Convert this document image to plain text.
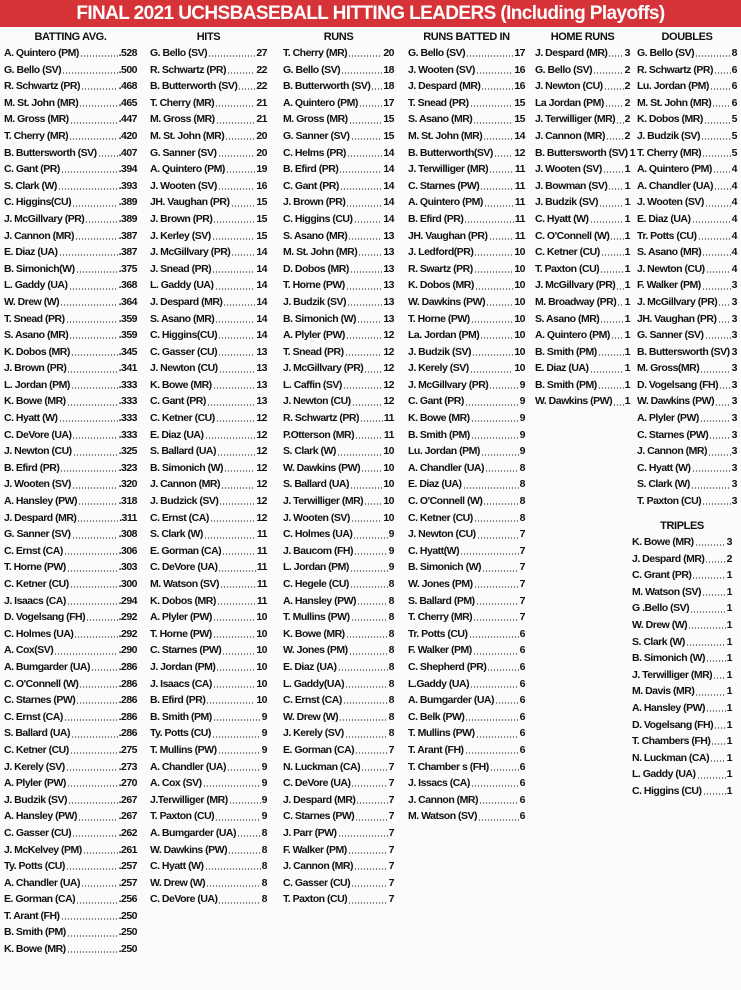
FINAL 2021 UCHSBASEBALL HITTING LEADERS (Including Playoffs)
BATTING AVG.
A. Quintero (PM)	.528
G. Bello (SV)	.500
R. Schwartz (PR)	.468
M. St. John (MR)	.465
M. Gross (MR)	.447
T. Cherry (MR)	.420
B. Buttersworth (SV) .407
C. Gant (PR)	.394
S. Clark (W)	.393
C. Higgins(CU)	.389
J. McGillvary (PR)	.389
J. Cannon (MR)	.387
E. Diaz (UA)	.387
B. Simonich(W)	.375
L. Gaddy (UA)	.368
W. Drew (W)	.364
T. Snead (PR)	.359
S. Asano (MR)	.359
K. Dobos (MR)	.345
J. Brown (PR)	.341
L. Jordan (PM)	.333
K. Bowe (MR)	.333
C. Hyatt (W)	.333
C. DeVore (UA)	.333
J. Newton (CU)	.325
B. Efird (PR)	.323
J. Wooten (SV)	.320
A. Hansley (PW)	.318
J. Despard (MR)	.311
G. Sanner (SV)	.308
C. Ernst (CA)	.306
T. Horne (PW)	.303
C. Ketner (CU)	.300
J. Isaacs (CA)	.294
D. Vogelsang (FH)	.292
C. Holmes (UA)	.292
A. Cox(SV)	.290
A. Bumgarder (UA)	.286
C. O'Connell (W)	.286
C. Starnes (PW)	.286
C. Ernst (CA)	.286
S. Ballard (UA)	.286
C. Ketner (CU)	.275
J. Kerely (SV)	.273
A. Plyler (PW)	.270
J. Budzik (SV)	.267
A. Hansley (PW)	.267
C. Gasser (CU)	.262
J. McKelvey (PM)	.261
Ty. Potts (CU)	.257
A. Chandler (UA)	.257
E. Gorman (CA)	.256
T. Arant (FH)	.250
B. Smith (PM)	.250
K. Bowe (MR)	.250
HITS
G. Bello (SV)	27
R. Schwartz (PR)	22
B. Butterworth (SV) 22
T. Cherry (MR)	21
M. Gross (MR)	21
M. St. John (MR)	20
G. Sanner (SV)	20
A. Quintero (PM)	19
J. Wooten (SV)	16
JH. Vaughan (PR)	15
J. Brown (PR)	15
J. Kerley (SV)	15
J. McGillvary (PR) 14
J. Snead (PR)	14
L. Gaddy (UA)	14
J. Despard (MR)	14
S. Asano (MR)	14
C. Higgins(CU)	14
C. Gasser (CU)	13
J. Newton (CU)	13
K. Bowe (MR)	13
C. Gant (PR)	13
C. Ketner (CU)	12
E. Diaz (UA)	12
S. Ballard (UA)	12
B. Simonich (W)	12
J. Cannon (MR)	12
J. Budzick (SV)	12
C. Ernst (CA)	12
S. Clark (W)	11
E. Gorman (CA)	11
C. DeVore (UA)	11
M. Watson (SV)	11
K. Dobos (MR)	11
A. Plyler (PW)	10
T. Horne (PW)	10
C. Starnes (PW)	10
J. Jordan (PM)	10
J. Isaacs (CA)	10
B. Efird (PR)	10
B. Smith (PM)	9
Ty. Potts (CU)	9
T. Mullins (PW)	9
A. Chandler (UA)	9
A. Cox (SV)	9
J.Terwilliger (MR)	9
T. Paxton (CU)	9
A. Bumgarder (UA) 8
W. Dawkins (PW)	8
C. Hyatt (W)	8
W. Drew (W)	8
C. DeVore (UA)	8
RUNS
T. Cherry (MR)	20
G. Bello (SV)	18
B. Butterworth (SV) 18
A. Quintero (PM) 17
M. Gross (MR)	15
G. Sanner (SV)	15
C. Helms (PR)	14
B. Efird (PR)	14
C. Gant (PR)	14
J. Brown (PR)	14
C. Higgins (CU)	14
S. Asano (MR)	13
M. St. John (MR) 13
D. Dobos (MR)	13
T. Horne (PW)	13
J. Budzik (SV)	13
B. Simonich (W)	13
A. Plyler (PW)	12
T. Snead (PR)	12
J. McGillvary (PR) 12
L. Caffin (SV)	12
J. Newton (CU)	12
R. Schwartz (PR) 11
P.Otterson (MR)	11
S. Clark (W)	10
W. Dawkins (PW) 10
S. Ballard (UA)	10
J. Terwilliger (MR) 10
J. Wooten (SV)	10
C. Holmes (UA)	9
J. Baucom (FH)	9
L. Jordan (PM)	9
C. Hegele (CU)	8
A. Hansley (PW)	8
T. Mullins (PW)	8
K. Bowe (MR)	8
W. Jones (PM)	8
E. Diaz (UA)	8
L. Gaddy(UA)	8
C. Ernst (CA)	8
W. Drew (W)	8
J. Kerely (SV)	8
E. Gorman (CA)	7
N. Luckman (CA)	7
C. DeVore (UA)	7
J. Despard (MR)	7
C. Starnes (PW)	7
J. Parr (PW)	7
F. Walker (PM)	7
J. Cannon (MR)	7
C. Gasser (CU)	7
T. Paxton (CU)	7
RUNS BATTED IN
G. Bello (SV)	17
J. Wooten (SV)	16
J. Despard (MR)	16
T. Snead (PR)	15
S. Asano (MR)	15
M. St. John (MR)	14
B. Butterworth(SV) 12
J. Terwilliger (MR)	11
C. Starnes (PW)	11
A. Quintero (PM)	11
B. Efird (PR)	11
JH. Vaughan (PR)	11
J. Ledford(PR)	10
R. Swartz (PR)	10
K. Dobos (MR)	10
W. Dawkins (PW)	10
T. Horne (PW)	10
La. Jordan (PM)	10
J. Budzik (SV)	10
J. Kerely (SV)	10
J. McGillvary (PR)	9
C. Gant (PR)	9
K. Bowe (MR)	9
B. Smith (PM)	9
Lu. Jordan (PM)	9
A. Chandler (UA)	8
E. Diaz (UA)	8
C. O'Connell (W)	8
C. Ketner (CU)	8
J. Newton (CU)	7
C. Hyatt(W)	7
B. Simonich (W)	7
W. Jones (PM)	7
S. Ballard (PM)	7
T. Cherry (MR)	7
Tr. Potts (CU)	6
F. Walker (PM)	6
C. Shepherd (PR)	6
L.Gaddy (UA)	6
A. Bumgarder (UA) 6
C. Belk (PW)	6
T. Mullins (PW)	6
T. Arant (FH)	6
T. Chamber s (FH)	6
J. Issacs (CA)	6
J. Cannon (MR)	6
M. Watson (SV)	6
HOME RUNS
J. Despard (MR) 3
G. Bello (SV)	2
J. Newton (CU) 2
La Jordan (PM) 2
J. Terwilliger (MR) 2
J. Cannon (MR) 2
B. Buttersworth (SV) 1
J. Wooten (SV) 1
J. Bowman (SV) 1
J. Budzik (SV)	1
C. Hyatt (W)	1
C. O'Connell (W) 1
C. Ketner (CU) 1
T. Paxton (CU) 1
J. McGillvary (PR) 1
M. Broadway (PR) 1
S. Asano (MR) 1
A. Quintero (PM) 1
B. Smith (PM)	1
E. Diaz (UA)	1
B. Smith (PM)	1
W. Dawkins (PW) 1
DOUBLES
G. Bello (SV)	8
R. Schwartz (PR) 6
Lu. Jordan (PM) 6
M. St. John (MR) 6
K. Dobos (MR)	5
J. Budzik (SV)	5
T. Cherry (MR)	5
A. Quintero (PM) 4
A. Chandler (UA) 4
J. Wooten (SV)	4
E. Diaz (UA)	4
Tr. Potts (CU)	4
S. Asano (MR)	4
J. Newton (CU)	4
F. Walker (PM)	3
J. McGillvary (PR) 3
JH. Vaughan (PR) 3
G. Sanner (SV)	3
B. Buttersworth (SV) 3
M. Gross(MR)	3
D. Vogelsang (FH) 3
W. Dawkins (PW) 3
A. Plyler (PW)	3
C. Starnes (PW) 3
J. Cannon (MR) 3
C. Hyatt (W)	3
S. Clark (W)	3
T. Paxton (CU)	3
TRIPLES
K. Bowe (MR)	3
J. Despard (MR) 2
C. Grant (PR)	1
M. Watson (SV) 1
G .Bello (SV)	1
W. Drew (W)	1
S. Clark (W)	1
B. Simonich (W) 1
J. Terwilliger (MR) 1
M. Davis (MR)	1
A. Hansley (PW) 1
D. Vogelsang (FH) 1
T. Chambers (FH) 1
N. Luckman (CA) 1
L. Gaddy (UA)	1
C. Higgins (CU) 1
